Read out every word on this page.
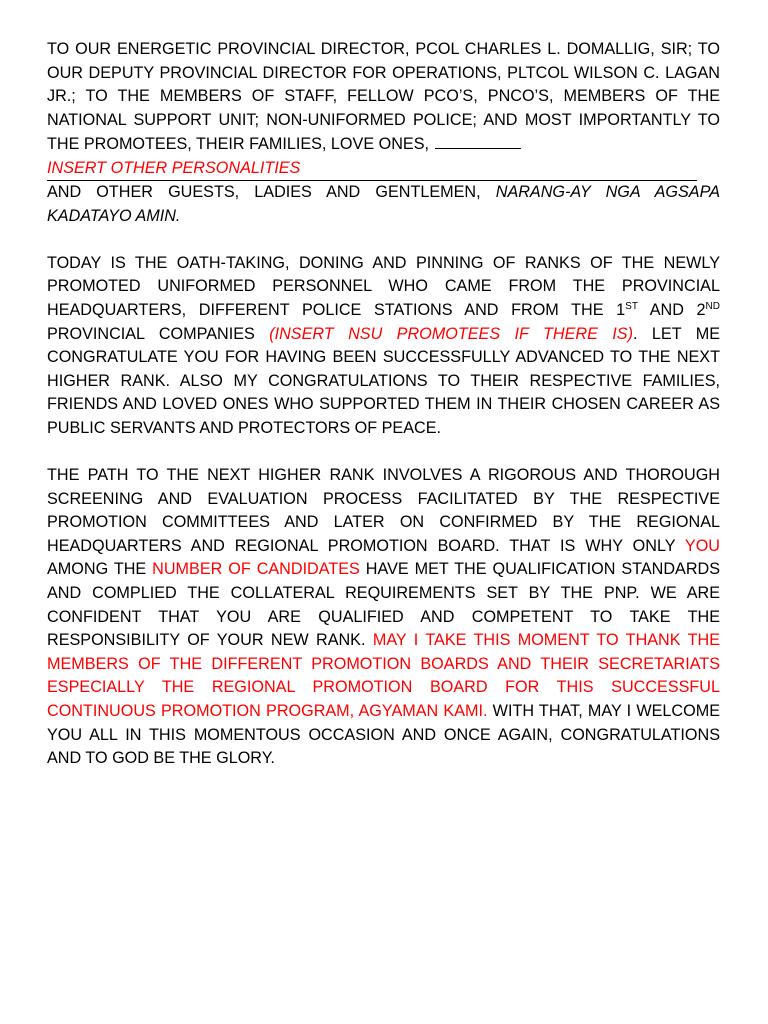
TO OUR ENERGETIC PROVINCIAL DIRECTOR, PCOL CHARLES L. DOMALLIG, SIR; TO OUR DEPUTY PROVINCIAL DIRECTOR FOR OPERATIONS, PLTCOL WILSON C. LAGAN JR.; TO THE MEMBERS OF STAFF, FELLOW PCO’S, PNCO’S, MEMBERS OF THE NATIONAL SUPPORT UNIT; NON-UNIFORMED POLICE; AND MOST IMPORTANTLY TO THE PROMOTEES, THEIR FAMILIES, LOVE ONES,
INSERT OTHER PERSONALITIES
AND OTHER GUESTS, LADIES AND GENTLEMEN, NARANG-AY NGA AGSAPA KADATAYO AMIN.

TODAY IS THE OATH-TAKING, DONING AND PINNING OF RANKS OF THE NEWLY PROMOTED UNIFORMED PERSONNEL WHO CAME FROM THE PROVINCIAL HEADQUARTERS, DIFFERENT POLICE STATIONS AND FROM THE 1ST AND 2ND PROVINCIAL COMPANIES (INSERT NSU PROMOTEES IF THERE IS). LET ME CONGRATULATE YOU FOR HAVING BEEN SUCCESSFULLY ADVANCED TO THE NEXT HIGHER RANK. ALSO MY CONGRATULATIONS TO THEIR RESPECTIVE FAMILIES, FRIENDS AND LOVED ONES WHO SUPPORTED THEM IN THEIR CHOSEN CAREER AS PUBLIC SERVANTS AND PROTECTORS OF PEACE.

THE PATH TO THE NEXT HIGHER RANK INVOLVES A RIGOROUS AND THOROUGH SCREENING AND EVALUATION PROCESS FACILITATED BY THE RESPECTIVE PROMOTION COMMITTEES AND LATER ON CONFIRMED BY THE REGIONAL HEADQUARTERS AND REGIONAL PROMOTION BOARD. THAT IS WHY ONLY YOU AMONG THE NUMBER OF CANDIDATES HAVE MET THE QUALIFICATION STANDARDS AND COMPLIED THE COLLATERAL REQUIREMENTS SET BY THE PNP. WE ARE CONFIDENT THAT YOU ARE QUALIFIED AND COMPETENT TO TAKE THE RESPONSIBILITY OF YOUR NEW RANK. MAY I TAKE THIS MOMENT TO THANK THE MEMBERS OF THE DIFFERENT PROMOTION BOARDS AND THEIR SECRETARIATS ESPECIALLY THE REGIONAL PROMOTION BOARD FOR THIS SUCCESSFUL CONTINUOUS PROMOTION PROGRAM, AGYAMAN KAMI. WITH THAT, MAY I WELCOME YOU ALL IN THIS MOMENTOUS OCCASION AND ONCE AGAIN, CONGRATULATIONS AND TO GOD BE THE GLORY.
